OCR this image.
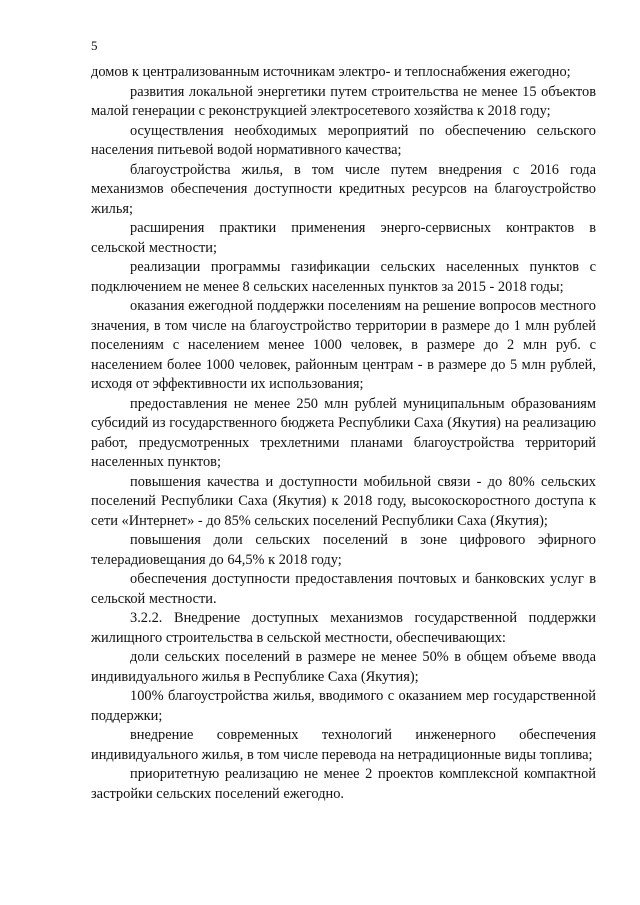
5

домов к централизованным источникам электро- и теплоснабжения ежегодно;

развития локальной энергетики путем строительства не менее 15 объектов малой генерации с реконструкцией электросетевого хозяйства к 2018 году;

осуществления необходимых мероприятий по обеспечению сельского населения питьевой водой нормативного качества;

благоустройства жилья, в том числе путем внедрения с 2016 года механизмов обеспечения доступности кредитных ресурсов на благоустройство жилья;

расширения практики применения энерго-сервисных контрактов в сельской местности;

реализации программы газификации сельских населенных пунктов с подключением не менее 8 сельских населенных пунктов за 2015 - 2018 годы;

оказания ежегодной поддержки поселениям на решение вопросов местного значения, в том числе на благоустройство территории в размере до 1 млн рублей поселениям с населением менее 1000 человек, в размере до 2 млн руб. с населением более 1000 человек, районным центрам - в размере до 5 млн рублей, исходя от эффективности их использования;

предоставления не менее 250 млн рублей муниципальным образованиям субсидий из государственного бюджета Республики Саха (Якутия) на реализацию работ, предусмотренных трехлетними планами благоустройства территорий населенных пунктов;

повышения качества и доступности мобильной связи - до 80% сельских поселений Республики Саха (Якутия) к 2018 году, высокоскоростного доступа к сети «Интернет» - до 85% сельских поселений Республики Саха (Якутия);

повышения доли сельских поселений в зоне цифрового эфирного телерадиовещания до 64,5% к 2018 году;

обеспечения доступности предоставления почтовых и банковских услуг в сельской местности.

3.2.2. Внедрение доступных механизмов государственной поддержки жилищного строительства в сельской местности, обеспечивающих:

доли сельских поселений в размере не менее 50% в общем объеме ввода индивидуального жилья в Республике Саха (Якутия);

100% благоустройства жилья, вводимого с оказанием мер государственной поддержки;

внедрение современных технологий инженерного обеспечения индивидуального жилья, в том числе перевода на нетрадиционные виды топлива;

приоритетную реализацию не менее 2 проектов комплексной компактной застройки сельских поселений ежегодно.
